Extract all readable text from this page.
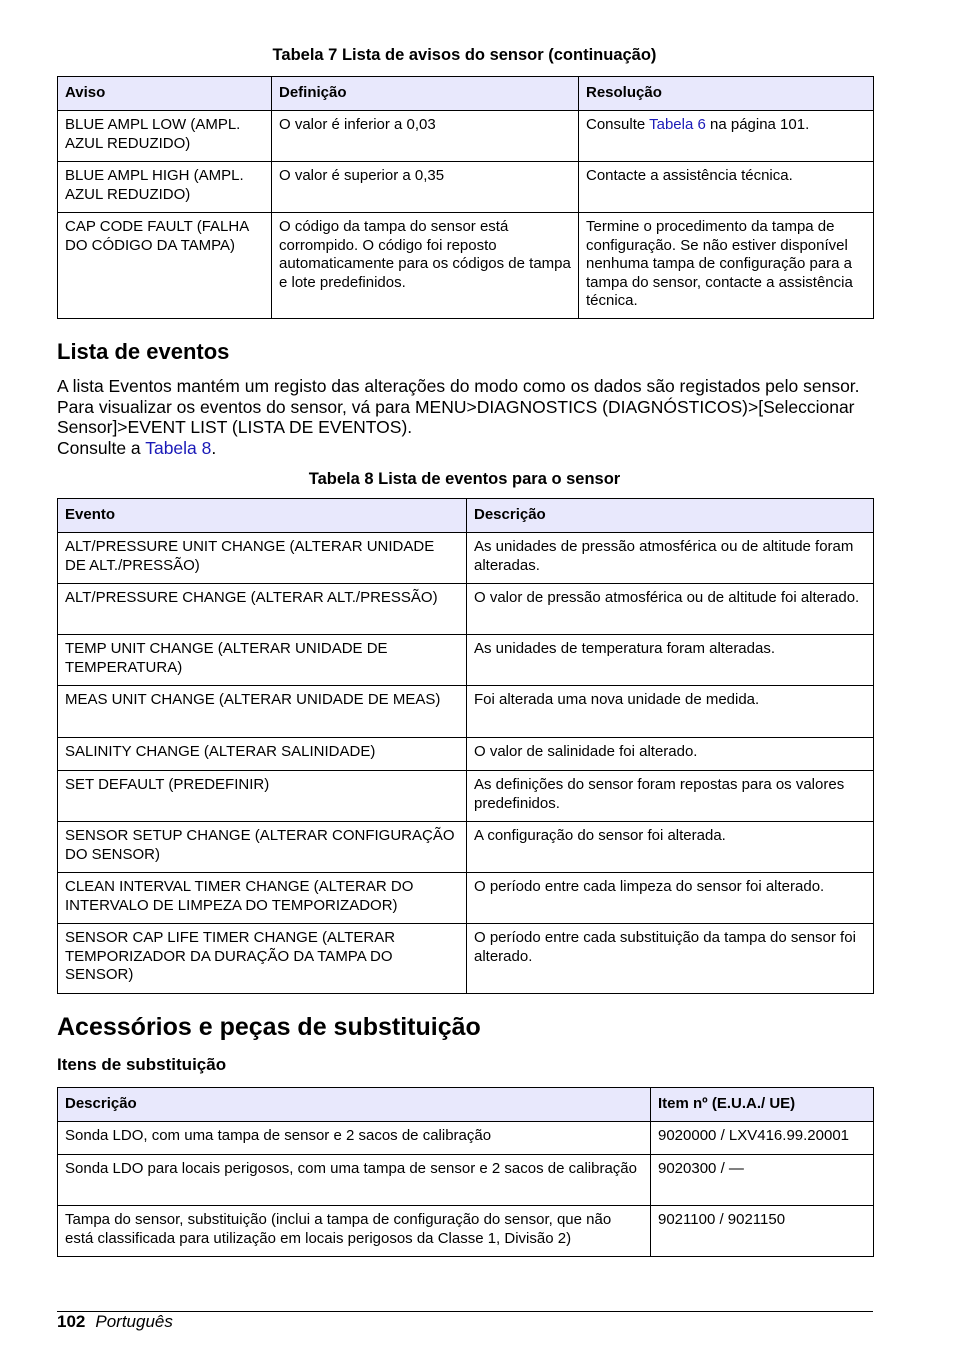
Tabela 7 Lista de avisos do sensor (continuação)
Aviso	Definição	Resolução
BLUE AMPL LOW (AMPL. AZUL REDUZIDO)	O valor é inferior a 0,03	Consulte Tabela 6 na página 101.
BLUE AMPL HIGH (AMPL. AZUL REDUZIDO)	O valor é superior a 0,35	Contacte a assistência técnica.
CAP CODE FAULT (FALHA DO CÓDIGO DA TAMPA)	O código da tampa do sensor está corrompido. O código foi reposto automaticamente para os códigos de tampa e lote predefinidos.	Termine o procedimento da tampa de configuração. Se não estiver disponível nenhuma tampa de configuração para a tampa do sensor, contacte a assistência técnica.
Lista de eventos
A lista Eventos mantém um registo das alterações do modo como os dados são registados pelo sensor. Para visualizar os eventos do sensor, vá para MENU>DIAGNOSTICS (DIAGNÓSTICOS)>[Seleccionar Sensor]>EVENT LIST (LISTA DE EVENTOS).
Consulte a Tabela 8.
Tabela 8 Lista de eventos para o sensor
Evento	Descrição
ALT/PRESSURE UNIT CHANGE (ALTERAR UNIDADE DE ALT./PRESSÃO)	As unidades de pressão atmosférica ou de altitude foram alteradas.
ALT/PRESSURE CHANGE (ALTERAR ALT./PRESSÃO)	O valor de pressão atmosférica ou de altitude foi alterado.
TEMP UNIT CHANGE (ALTERAR UNIDADE DE TEMPERATURA)	As unidades de temperatura foram alteradas.
MEAS UNIT CHANGE (ALTERAR UNIDADE DE MEAS)	Foi alterada uma nova unidade de medida.
SALINITY CHANGE (ALTERAR SALINIDADE)	O valor de salinidade foi alterado.
SET DEFAULT (PREDEFINIR)	As definições do sensor foram repostas para os valores predefinidos.
SENSOR SETUP CHANGE (ALTERAR CONFIGURAÇÃO DO SENSOR)	A configuração do sensor foi alterada.
CLEAN INTERVAL TIMER CHANGE (ALTERAR DO INTERVALO DE LIMPEZA DO TEMPORIZADOR)	O período entre cada limpeza do sensor foi alterado.
SENSOR CAP LIFE TIMER CHANGE (ALTERAR TEMPORIZADOR DA DURAÇÃO DA TAMPA DO SENSOR)	O período entre cada substituição da tampa do sensor foi alterado.
Acessórios e peças de substituição
Itens de substituição
Descrição	Item nº (E.U.A./ UE)
Sonda LDO, com uma tampa de sensor e 2 sacos de calibração	9020000 / LXV416.99.20001
Sonda LDO para locais perigosos, com uma tampa de sensor e 2 sacos de calibração	9020300 / —
Tampa do sensor, substituição (inclui a tampa de configuração do sensor, que não está classificada para utilização em locais perigosos da Classe 1, Divisão 2)	9021100 / 9021150
102 Português
